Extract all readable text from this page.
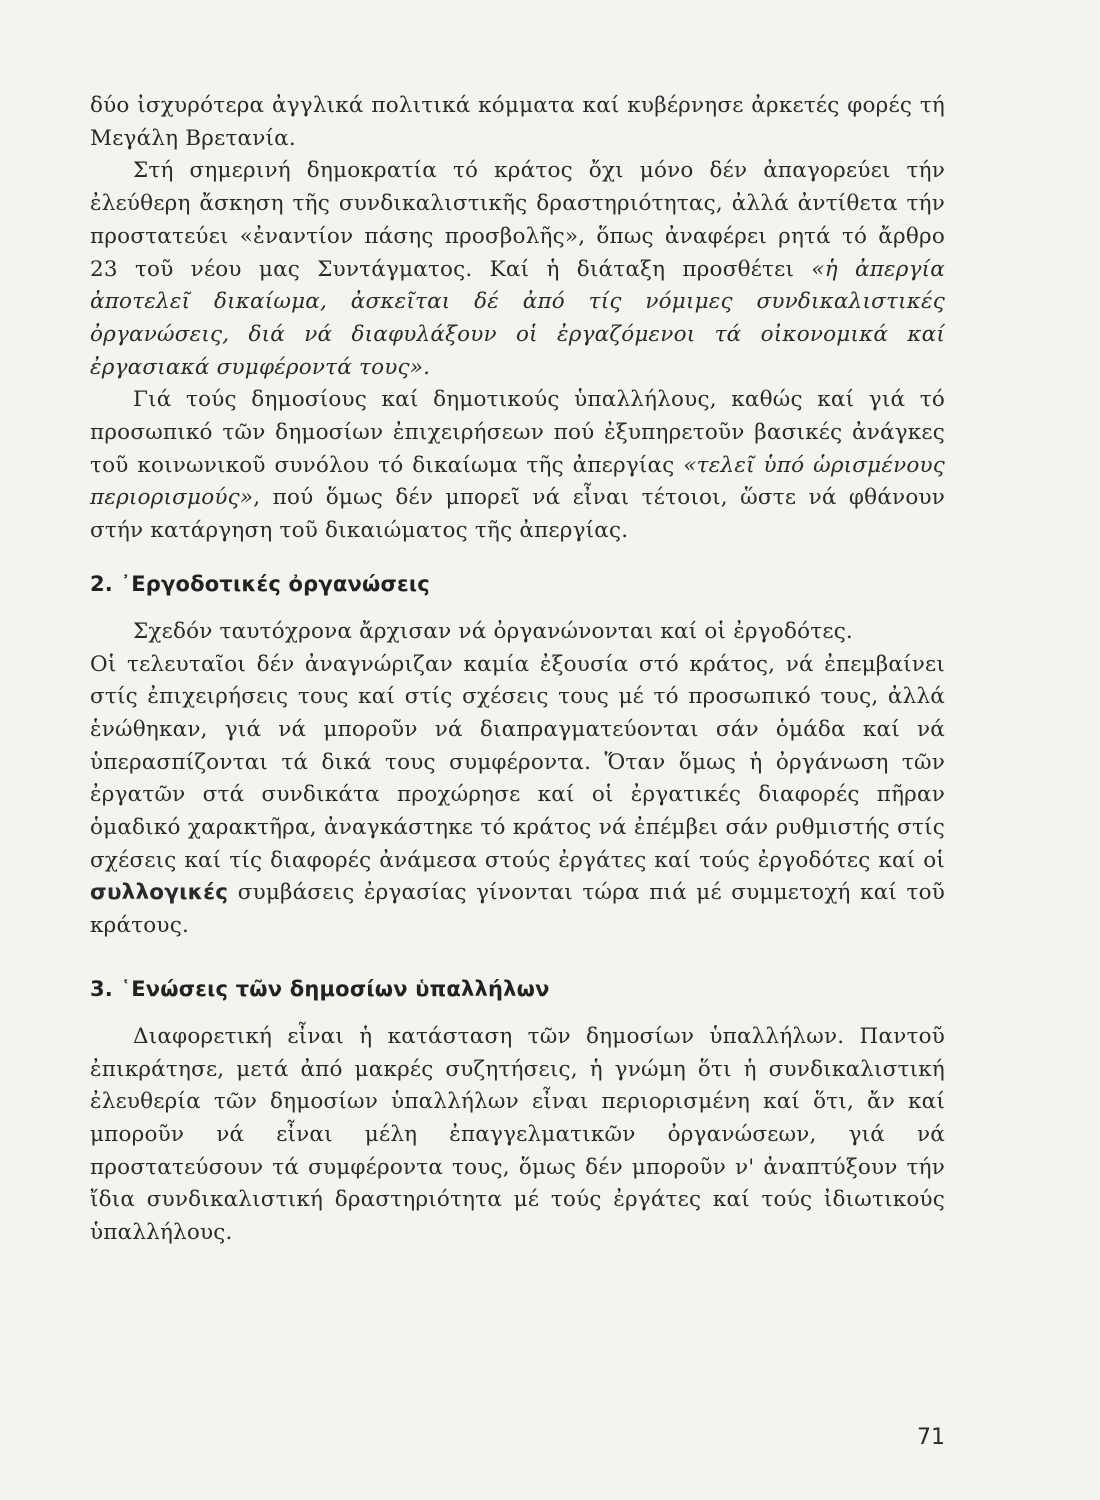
δύο ἰσχυρότερα ἀγγλικά πολιτικά κόμματα καί κυβέρνησε ἀρκετές φορές τή Μεγάλη Βρετανία.

Στή σημερινή δημοκρατία τό κράτος ὄχι μόνο δέν ἀπαγορεύει τήν ἐλεύθερη ἄσκηση τῆς συνδικαλιστικῆς δραστηριότητας, ἀλλά ἀντίθετα τήν προστατεύει «ἐναντίον πάσης προσβολῆς», ὅπως ἀναφέρει ρητά τό ἄρθρο 23 τοῦ νέου μας Συντάγματος. Καί ἡ διάταξη προσθέτει «ἡ ἀπεργία ἀποτελεῖ δικαίωμα, ἀσκεῖται δέ ἀπό τίς νόμιμες συνδικαλιστικές ὀργανώσεις, διά νά διαφυλάξουν οἱ ἐργαζόμενοι τά οἰκονομικά καί ἐργασιακά συμφέροντά τους».

Γιά τούς δημοσίους καί δημοτικούς ὑπαλλήλους, καθώς καί γιά τό προσωπικό τῶν δημοσίων ἐπιχειρήσεων πού ἐξυπηρετοῦν βασικές ἀνάγκες τοῦ κοινωνικοῦ συνόλου τό δικαίωμα τῆς ἀπεργίας «τελεῖ ὑπό ὡρισμένους περιορισμούς», πού ὅμως δέν μπορεῖ νά εἶναι τέτοιοι, ὥστε νά φθάνουν στήν κατάργηση τοῦ δικαιώματος τῆς ἀπεργίας.

2. ᾿Εργοδοτικές ὀργανώσεις

Σχεδόν ταυτόχρονα ἄρχισαν νά ὀργανώνονται καί οἱ ἐργοδότες.

Οἱ τελευταῖοι δέν ἀναγνώριζαν καμία ἐξουσία στό κράτος, νά ἐπεμβαίνει στίς ἐπιχειρήσεις τους καί στίς σχέσεις τους μέ τό προσωπικό τους, ἀλλά ἑνώθηκαν, γιά νά μποροῦν νά διαπραγματεύονται σάν ὁμάδα καί νά ὑπερασπίζονται τά δικά τους συμφέροντα. Ὅταν ὅμως ἡ ὀργάνωση τῶν ἐργατῶν στά συνδικάτα προχώρησε καί οἱ ἐργατικές διαφορές πῆραν ὁμαδικό χαρακτῆρα, ἀναγκάστηκε τό κράτος νά ἐπέμβει σάν ρυθμιστής στίς σχέσεις καί τίς διαφορές ἀνάμεσα στούς ἐργάτες καί τούς ἐργοδότες καί οἱ συλλογικές συμβάσεις ἐργασίας γίνονται τώρα πιά μέ συμμετοχή καί τοῦ κράτους.

3. ῾Ενώσεις τῶν δημοσίων ὑπαλλήλων

Διαφορετική εἶναι ἡ κατάσταση τῶν δημοσίων ὑπαλλήλων. Παντοῦ ἐπικράτησε, μετά ἀπό μακρές συζητήσεις, ἡ γνώμη ὅτι ἡ συνδικαλιστική ἐλευθερία τῶν δημοσίων ὑπαλλήλων εἶναι περιορισμένη καί ὅτι, ἄν καί μποροῦν νά εἶναι μέλη ἐπαγγελματικῶν ὀργανώσεων, γιά νά προστατεύσουν τά συμφέροντα τους, ὅμως δέν μποροῦν ν' ἀναπτύξουν τήν ἴδια συνδικαλιστική δραστηριότητα μέ τούς ἐργάτες καί τούς ἰδιωτικούς ὑπαλλήλους.

71
